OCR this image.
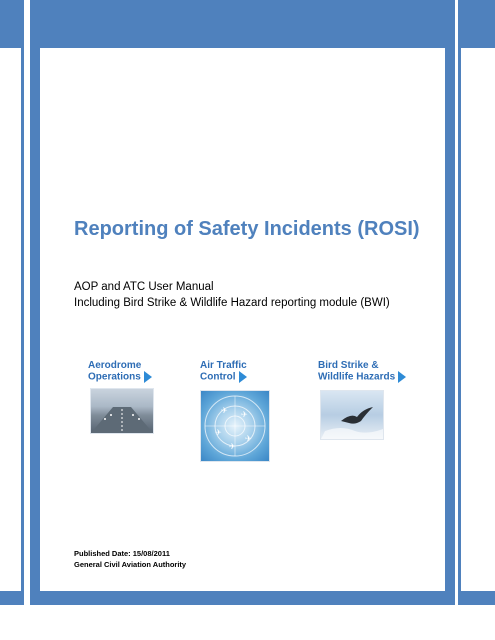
Reporting of Safety Incidents (ROSI)
AOP and ATC User Manual
Including Bird Strike & Wildlife Hazard reporting module (BWI)
Aerodrome
Operations
Air Traffic
Control
✈ ✈
✈
✈
✈
Bird Strike &
Wildlife Hazards
Published Date: 15/08/2011
General Civil Aviation Authority
